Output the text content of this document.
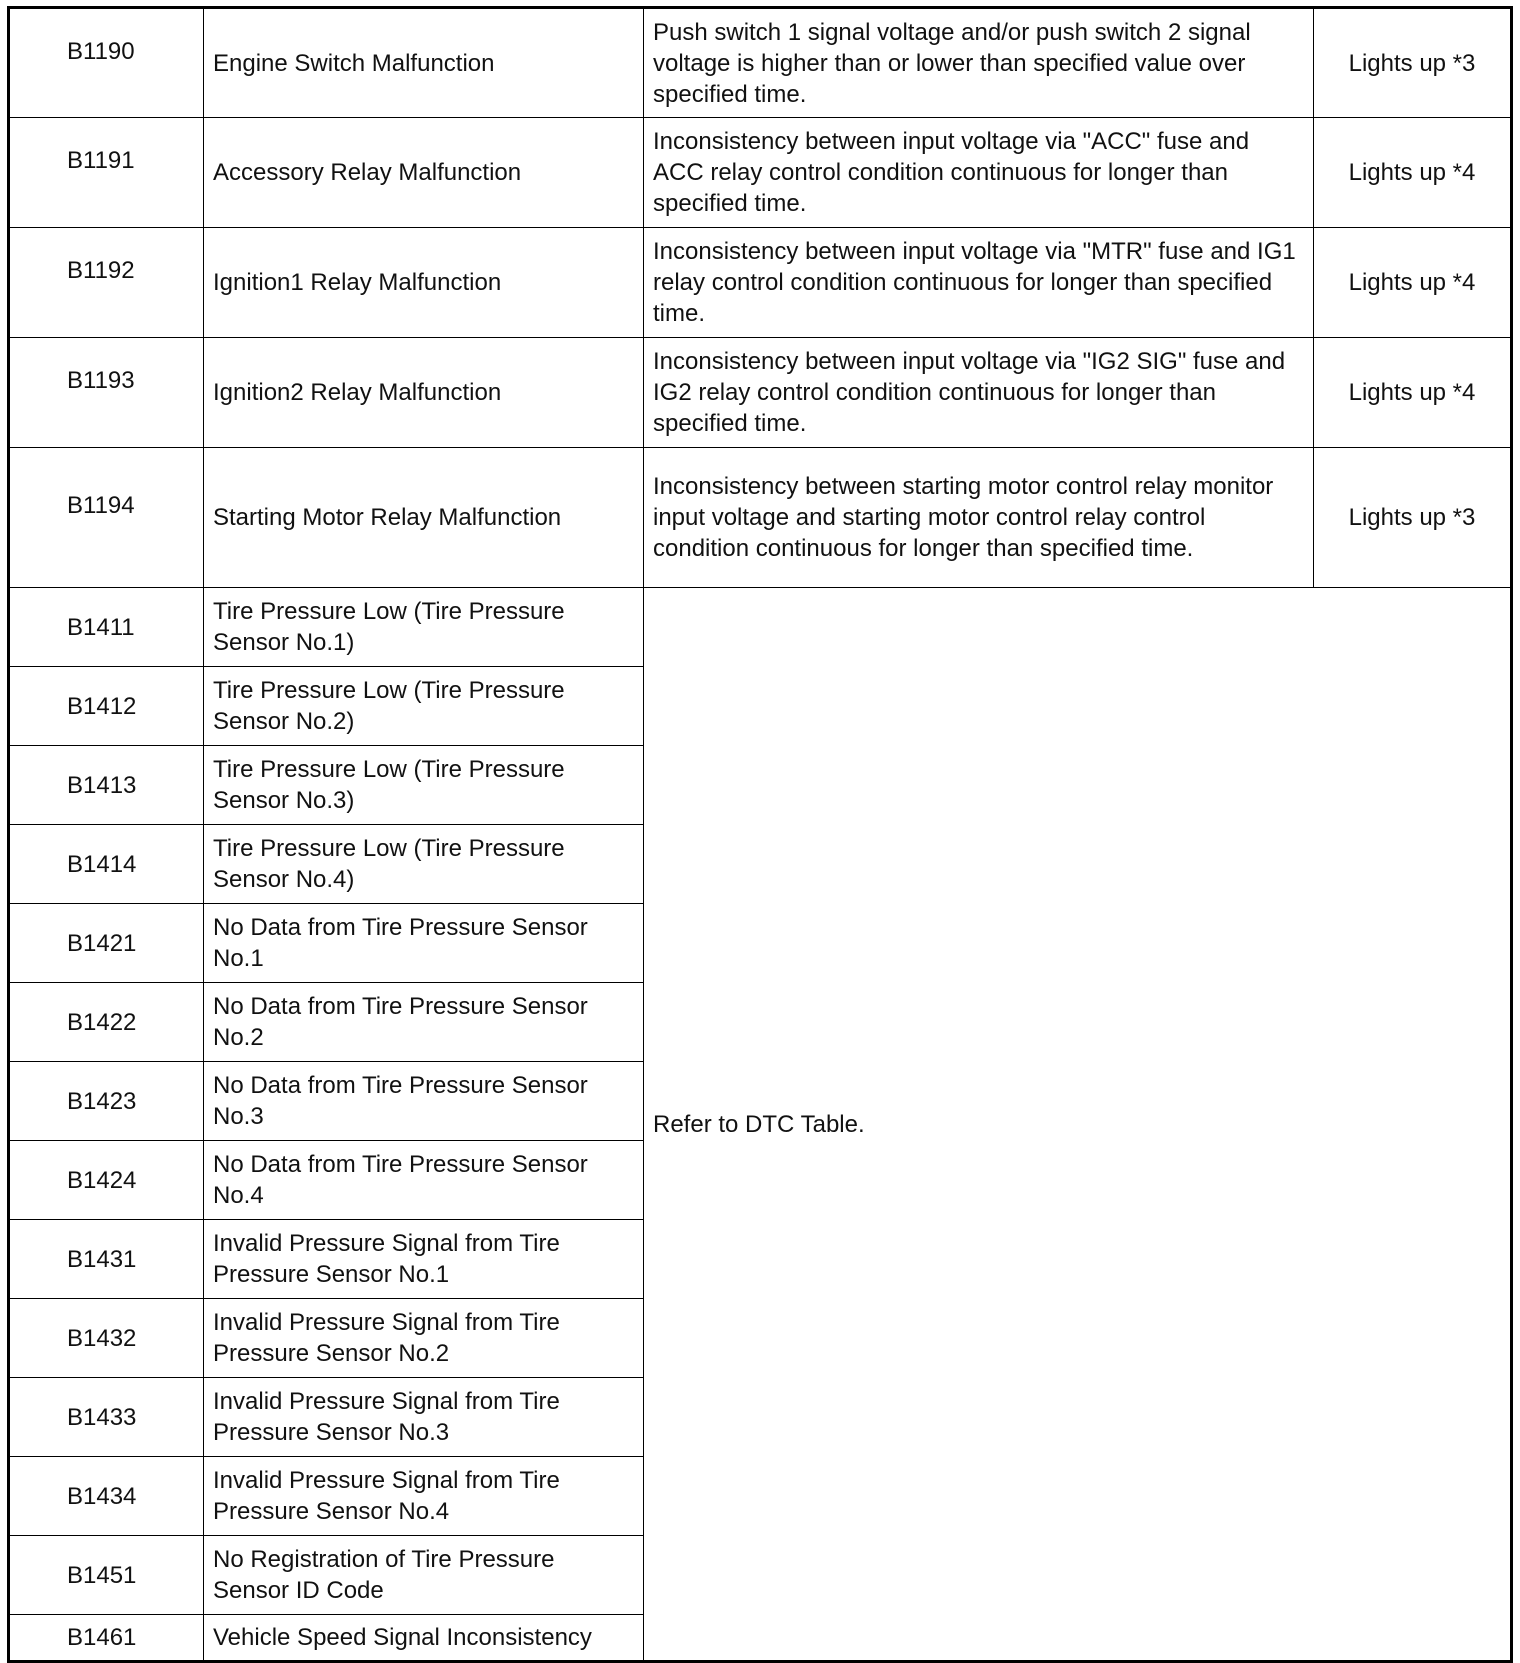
B1190	Engine Switch Malfunction	Push switch 1 signal voltage and/or push switch 2 signal voltage is higher than or lower than specified value over specified time.	Lights up *3
B1191	Accessory Relay Malfunction	Inconsistency between input voltage via "ACC" fuse and ACC relay control condition continuous for longer than specified time.	Lights up *4
B1192	Ignition1 Relay Malfunction	Inconsistency between input voltage via "MTR" fuse and IG1 relay control condition continuous for longer than specified time.	Lights up *4
B1193	Ignition2 Relay Malfunction	Inconsistency between input voltage via "IG2 SIG" fuse and IG2 relay control condition continuous for longer than specified time.	Lights up *4
B1194	Starting Motor Relay Malfunction	Inconsistency between starting motor control relay monitor input voltage and starting motor control relay control condition continuous for longer than specified time.	Lights up *3
B1411	Tire Pressure Low (Tire Pressure Sensor No.1)	Refer to DTC Table.	
B1412	Tire Pressure Low (Tire Pressure Sensor No.2)		
B1413	Tire Pressure Low (Tire Pressure Sensor No.3)		
B1414	Tire Pressure Low (Tire Pressure Sensor No.4)		
B1421	No Data from Tire Pressure Sensor No.1		
B1422	No Data from Tire Pressure Sensor No.2		
B1423	No Data from Tire Pressure Sensor No.3		
B1424	No Data from Tire Pressure Sensor No.4		
B1431	Invalid Pressure Signal from Tire Pressure Sensor No.1		
B1432	Invalid Pressure Signal from Tire Pressure Sensor No.2		
B1433	Invalid Pressure Signal from Tire Pressure Sensor No.3		
B1434	Invalid Pressure Signal from Tire Pressure Sensor No.4		
B1451	No Registration of Tire Pressure Sensor ID Code		
B1461	Vehicle Speed Signal Inconsistency		
